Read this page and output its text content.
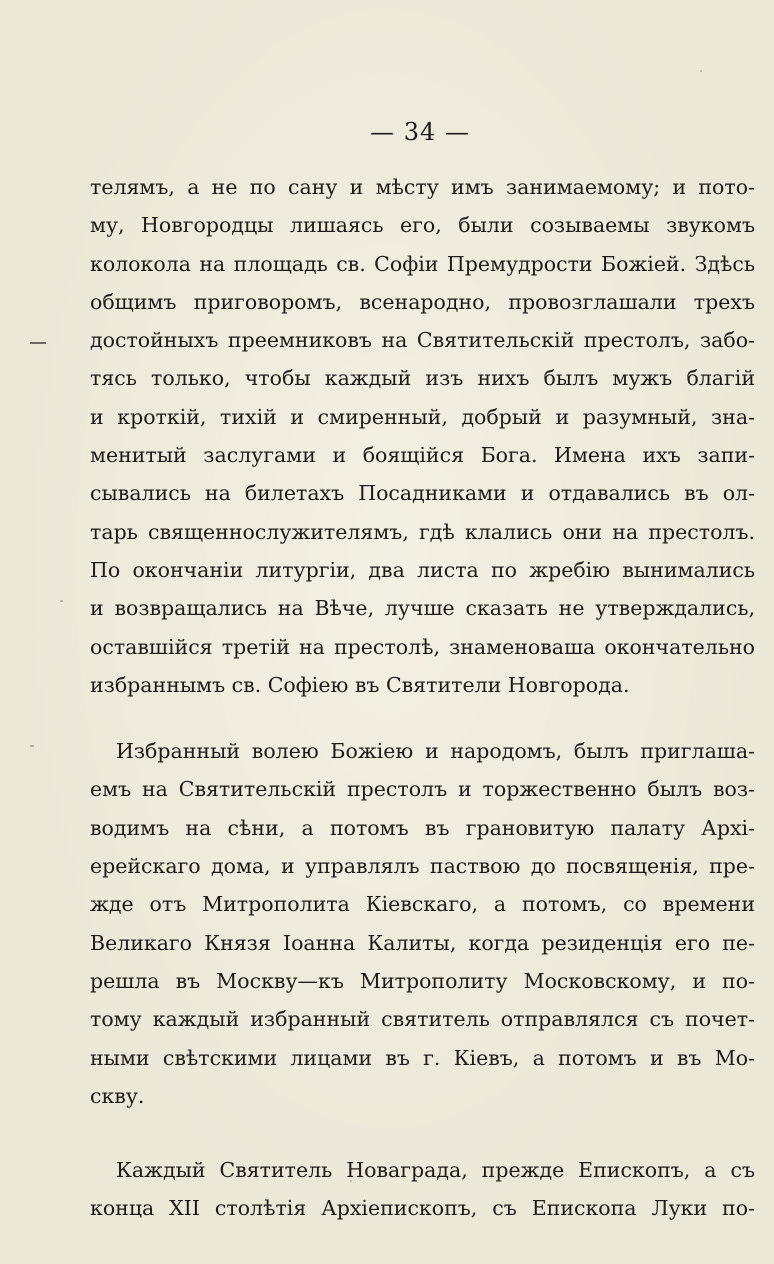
— 34 —
телямъ, а не по сану и мѣсту имъ занимаемому; и пото-
му, Новгородцы лишаясь его, были созываемы звукомъ
колокола на площадь св. Софiи Премудрости Божiей. Здѣсь
общимъ приговоромъ, всенародно, провозглашали трехъ
достойныхъ преемниковъ на Святительскiй престолъ, забо-
тясь только, чтобы каждый изъ нихъ былъ мужъ благiй
и кроткiй, тихiй и смиренный, добрый и разумный, зна-
менитый заслугами и боящiйся Бога. Имена ихъ запи-
сывались на билетахъ Посадниками и отдавались въ ол-
тарь священнослужителямъ, гдѣ клались они на престолъ.
По окончанiи литургiи, два листа по жребiю вынимались
и возвращались на Вѣче, лучше сказать не утверждались,
оставшiйся третiй на престолѣ, знаменоваша окончательно
избраннымъ св. Софiею въ Святители Новгорода.
Избранный волею Божiею и народомъ, былъ приглаша-
емъ на Святительскiй престолъ и торжественно былъ воз-
водимъ на сѣни, а потомъ въ грановитую палату Архi-
ерейскаго дома, и управлялъ паствою до посвященiя, пре-
жде отъ Митрополита Кiевскаго, а потомъ, со времени
Великаго Князя Iоанна Калиты, когда резиденцiя его пе-
решла въ Москву—къ Митрополиту Московскому, и по-
тому каждый избранный святитель отправлялся съ почет-
ными свѣтскими лицами въ г. Кiевъ, а потомъ и въ Мо-
скву.
Каждый Святитель Новаграда, прежде Епископъ, а съ
конца XII столѣтiя Архiепископъ, съ Епископа Луки по-
